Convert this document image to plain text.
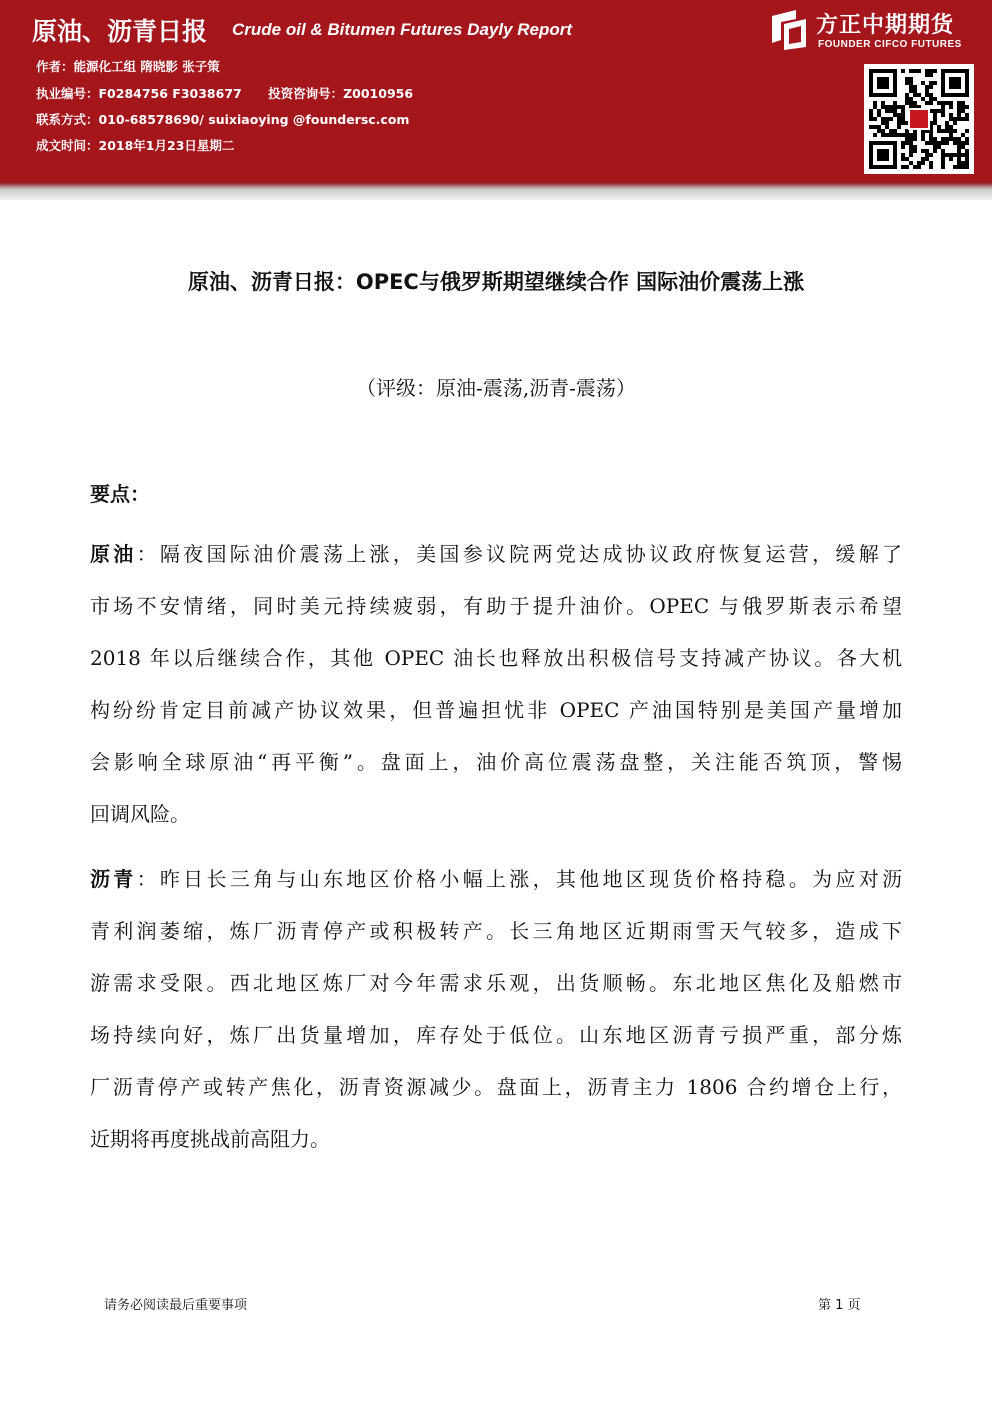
原油、沥青日报 Crude oil & Bitumen Futures Dayly Report
作者：能源化工组 隋晓影 张子策
执业编号：F0284756 F3038677 投资咨询号：Z0010956
联系方式：010-68578690/ suixiaoying @foundersc.com
成文时间：2018年1月23日星期二
方正中期期货
FOUNDER CIFCO FUTURES
原油、沥青日报：OPEC与俄罗斯期望继续合作 国际油价震荡上涨
（评级：原油-震荡,沥青-震荡）
要点：
原油：隔夜国际油价震荡上涨，美国参议院两党达成协议政府恢复运营，缓解了
市场不安情绪，同时美元持续疲弱，有助于提升油价。OPEC 与俄罗斯表示希望
2018 年以后继续合作，其他 OPEC 油长也释放出积极信号支持减产协议。各大机
构纷纷肯定目前减产协议效果，但普遍担忧非 OPEC 产油国特别是美国产量增加
会影响全球原油“再平衡”。盘面上，油价高位震荡盘整，关注能否筑顶，警惕
回调风险。
沥青：昨日长三角与山东地区价格小幅上涨，其他地区现货价格持稳。为应对沥
青利润萎缩，炼厂沥青停产或积极转产。长三角地区近期雨雪天气较多，造成下
游需求受限。西北地区炼厂对今年需求乐观，出货顺畅。东北地区焦化及船燃市
场持续向好，炼厂出货量增加，库存处于低位。山东地区沥青亏损严重，部分炼
厂沥青停产或转产焦化，沥青资源减少。盘面上，沥青主力 1806 合约增仓上行，
近期将再度挑战前高阻力。
请务必阅读最后重要事项	第 1 页
